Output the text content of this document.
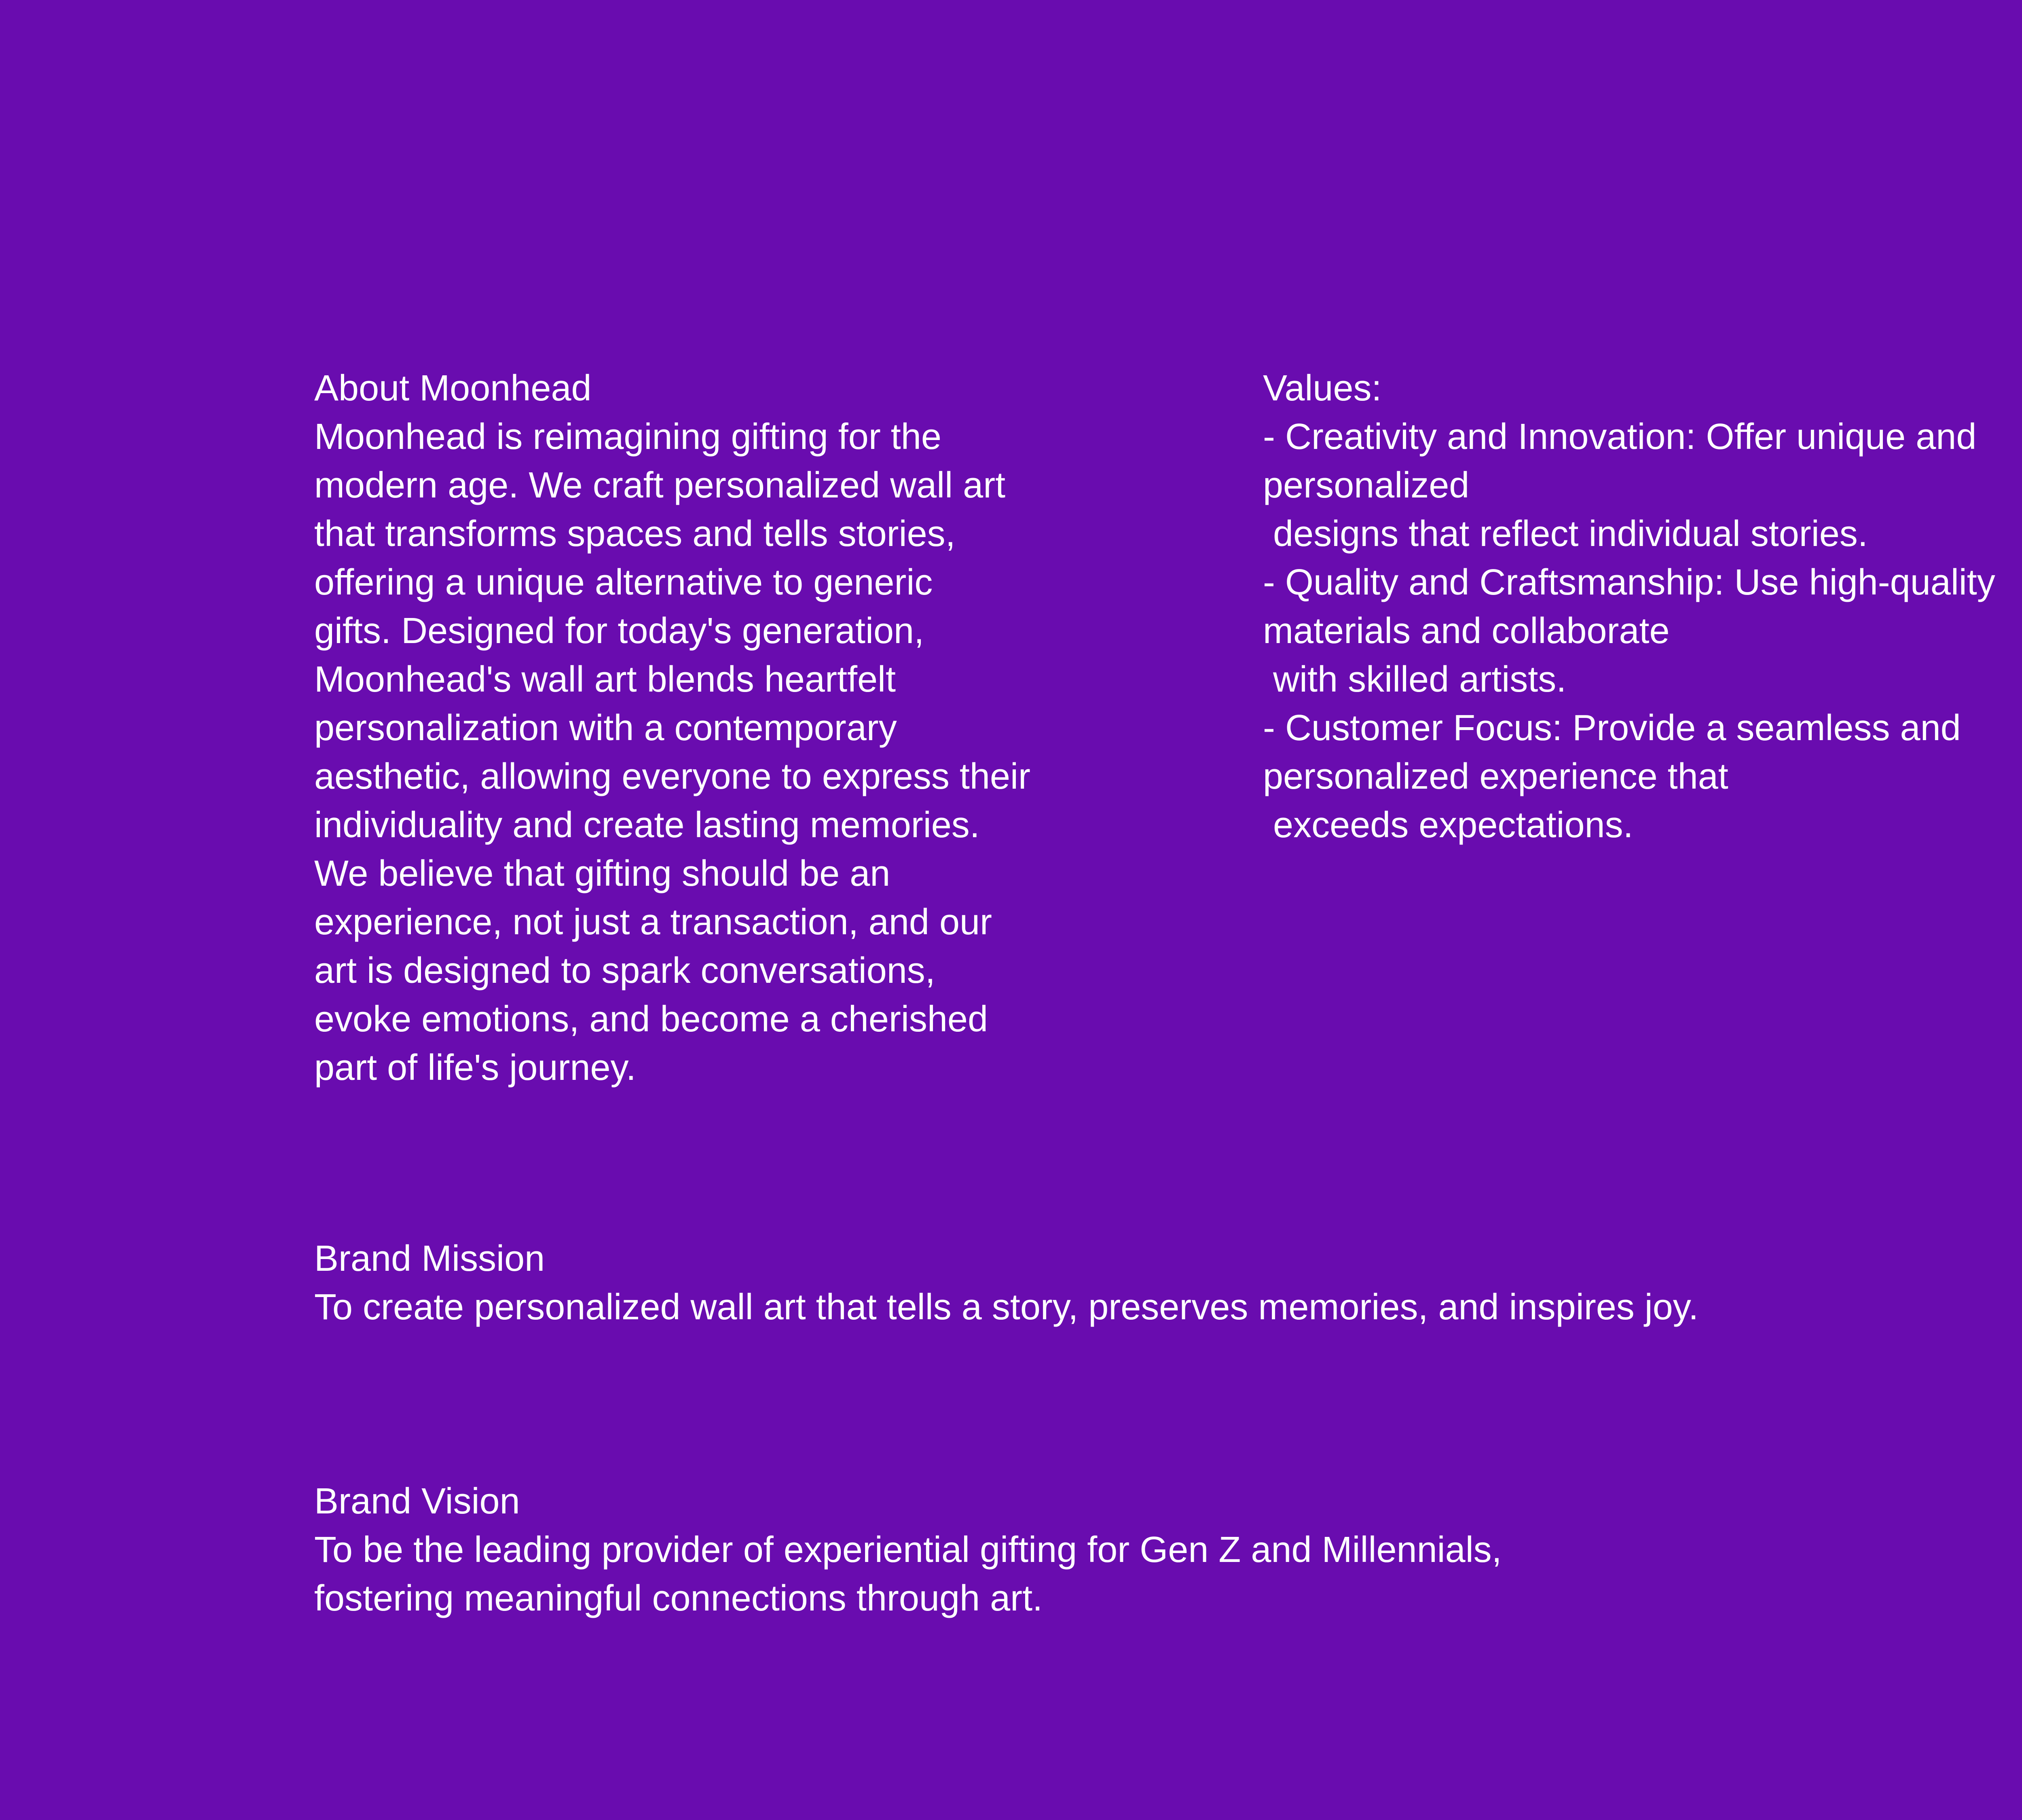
About Moonhead

Moonhead is reimagining gifting for the

modern age. We craft personalized wall art

that transforms spaces and tells stories,

offering a unique alternative to generic

gifts. Designed for today's generation,

Moonhead's wall art blends heartfelt

personalization with a contemporary

aesthetic, allowing everyone to express their

individuality and create lasting memories.

We believe that gifting should be an

experience, not just a transaction, and our

art is designed to spark conversations,

evoke emotions, and become a cherished

part of life's journey.

Values:

- Creativity and Innovation: Offer unique and

personalized

designs that reflect individual stories.

- Quality and Craftsmanship: Use high-quality

materials and collaborate

with skilled artists.

- Customer Focus: Provide a seamless and

personalized experience that

exceeds expectations.

Brand Mission

To create personalized wall art that tells a story, preserves memories, and inspires joy.

Brand Vision

To be the leading provider of experiential gifting for Gen Z and Millennials,

fostering meaningful connections through art.
